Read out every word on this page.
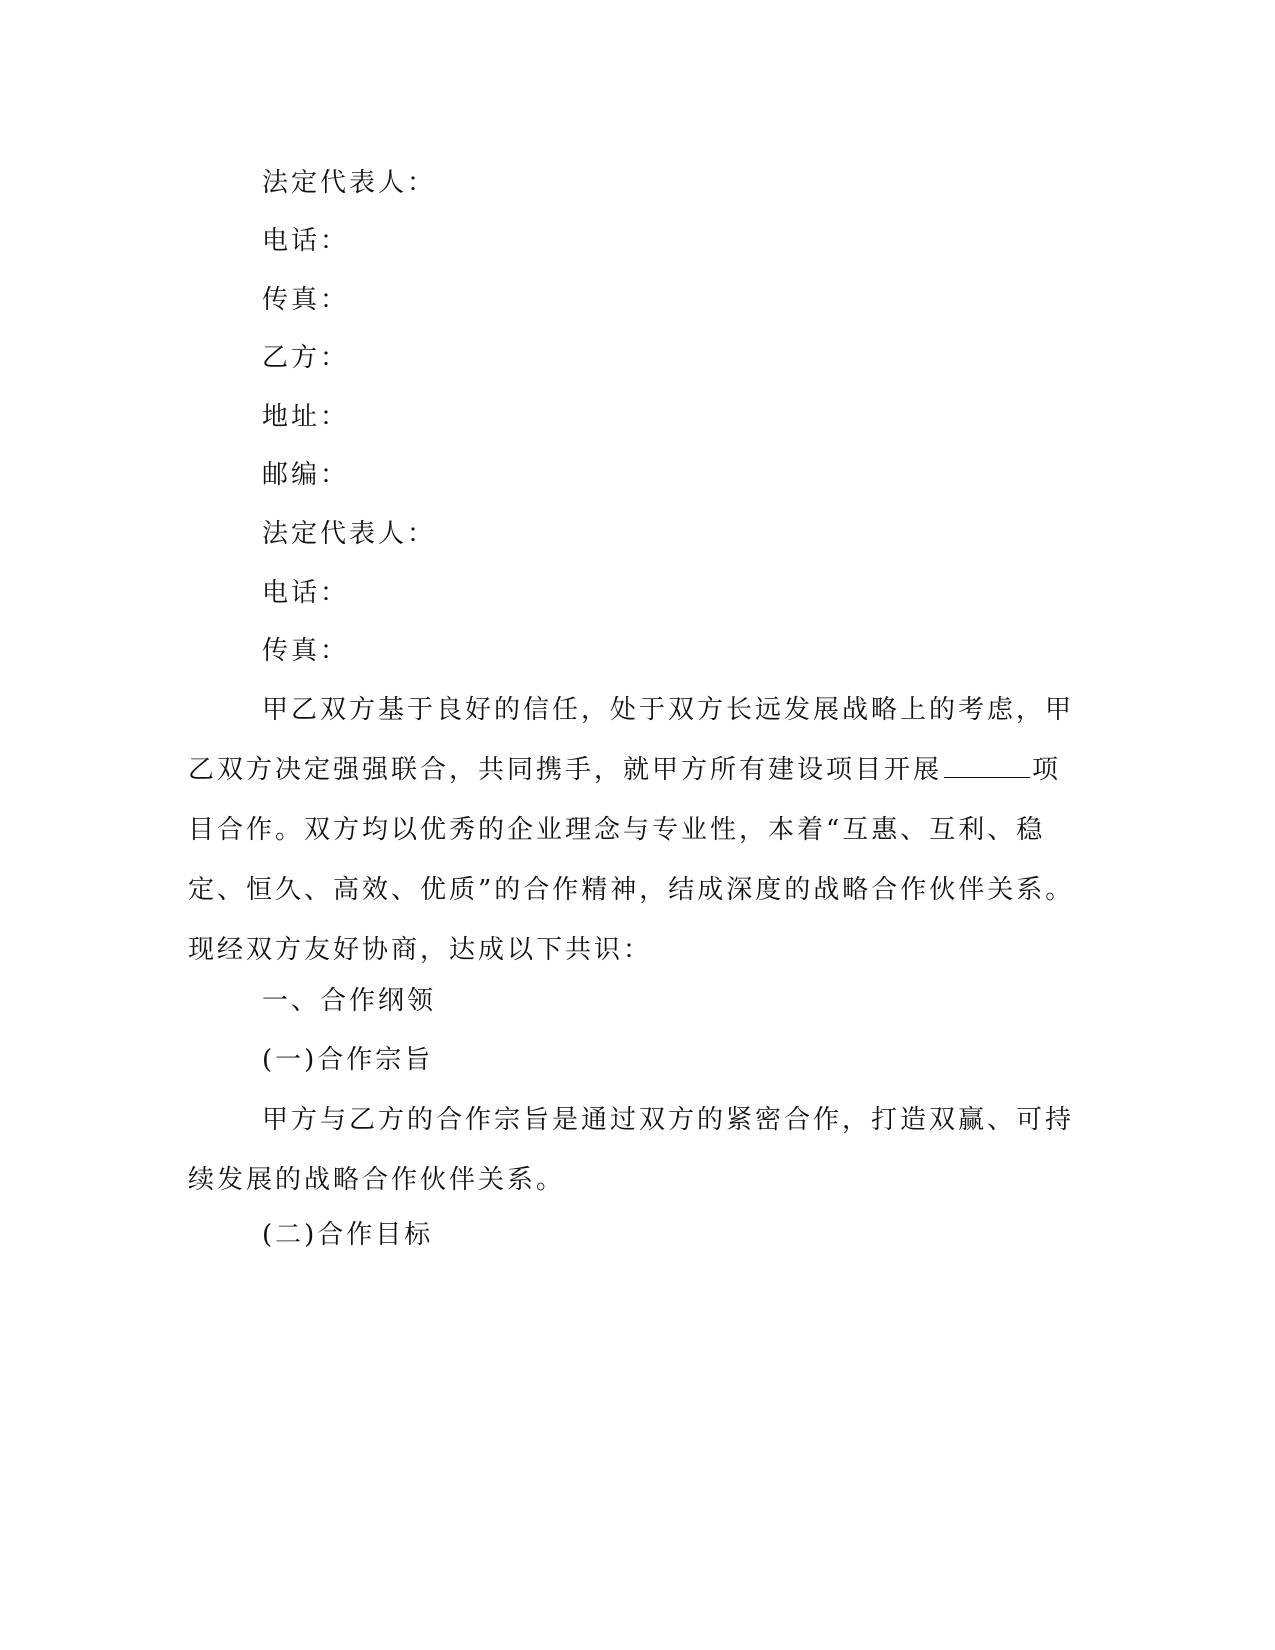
法定代表人：
电话：
传真：
乙方：
地址：
邮编：
法定代表人：
电话：
传真：
甲乙双方基于良好的信任，处于双方长远发展战略上的考虑，甲乙双方决定强强联合，共同携手，就甲方所有建设项目开展	项目合作。双方均以优秀的企业理念与专业性，本着“互惠、互利、稳定、恒久、高效、优质”的合作精神，结成深度的战略合作伙伴关系。现经双方友好协商，达成以下共识：
一、合作纲领
(一)合作宗旨
甲方与乙方的合作宗旨是通过双方的紧密合作，打造双赢、可持续发展的战略合作伙伴关系。
(二)合作目标
